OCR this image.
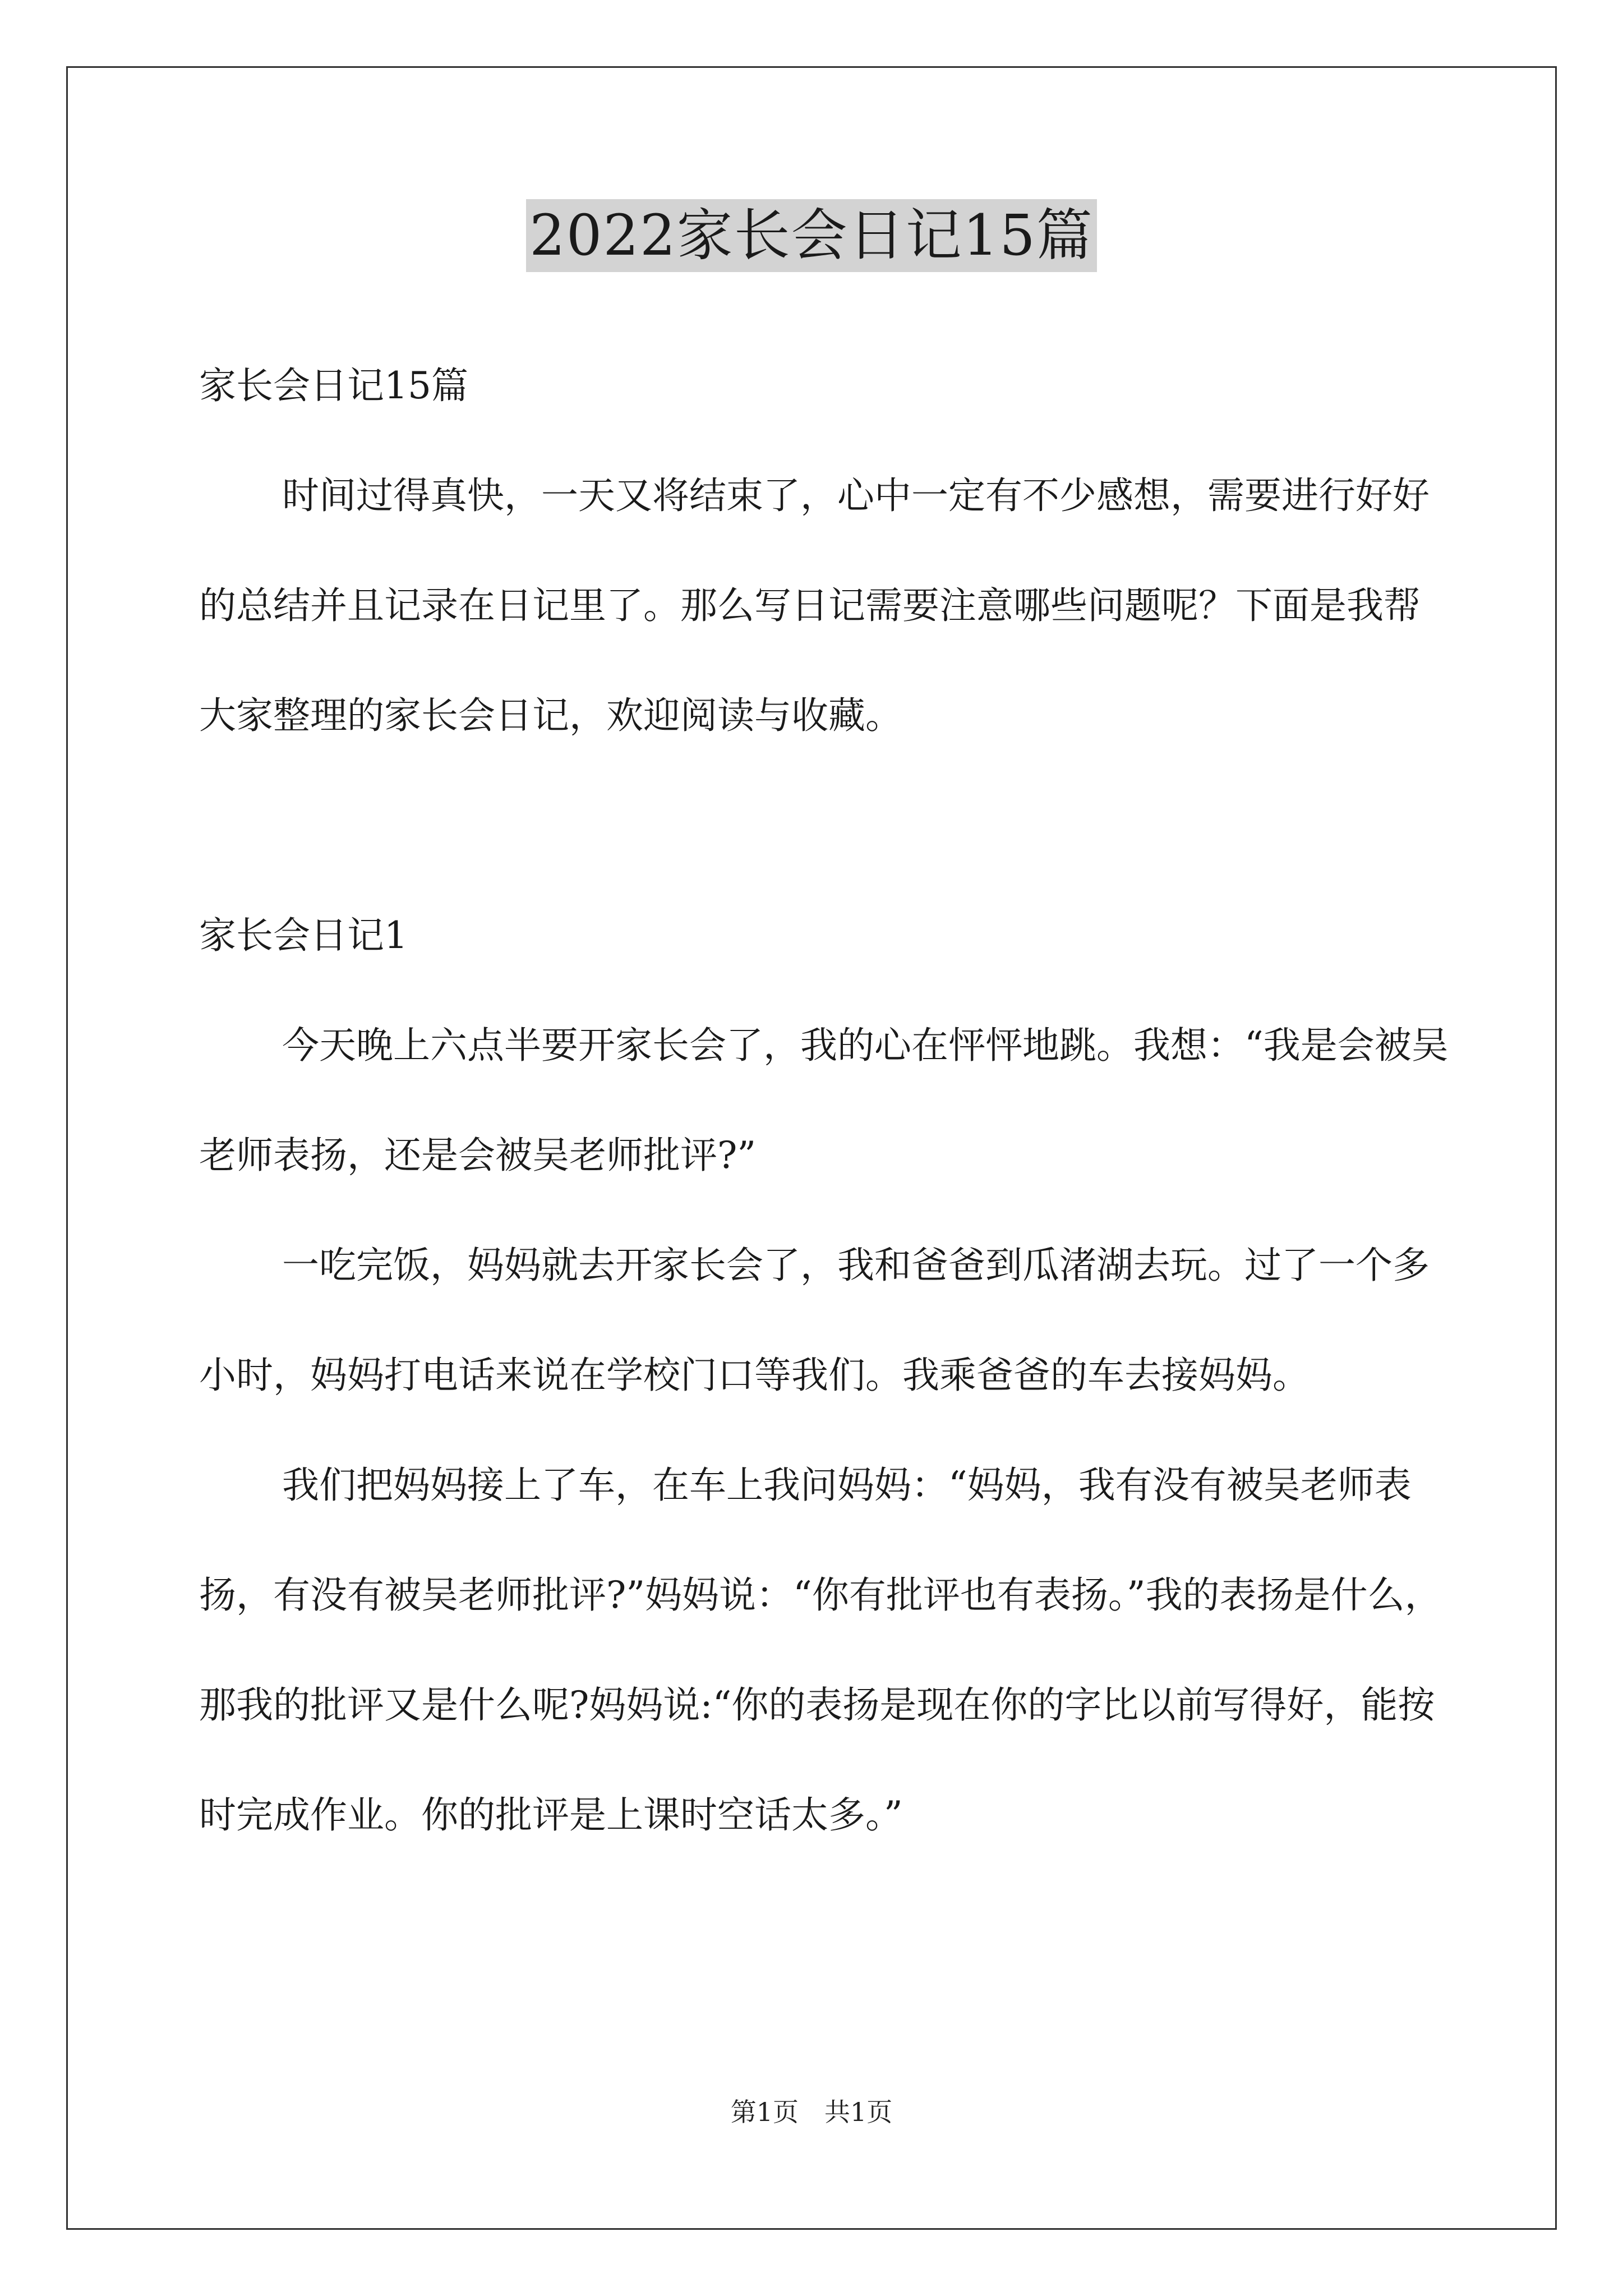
2022家长会日记15篇

家长会日记15篇

时间过得真快，一天又将结束了，心中一定有不少感想，需要进行好好的总结并且记录在日记里了。那么写日记需要注意哪些问题呢？下面是我帮大家整理的家长会日记，欢迎阅读与收藏。

家长会日记1

今天晚上六点半要开家长会了，我的心在怦怦地跳。我想：“我是会被吴老师表扬，还是会被吴老师批评?”

一吃完饭，妈妈就去开家长会了，我和爸爸到瓜渚湖去玩。过了一个多小时，妈妈打电话来说在学校门口等我们。我乘爸爸的车去接妈妈。

我们把妈妈接上了车，在车上我问妈妈：“妈妈，我有没有被吴老师表扬，有没有被吴老师批评?”妈妈说：“你有批评也有表扬。”我的表扬是什么，那我的批评又是什么呢?妈妈说:“你的表扬是现在你的字比以前写得好，能按时完成作业。你的批评是上课时空话太多。”

第1页　共1页
